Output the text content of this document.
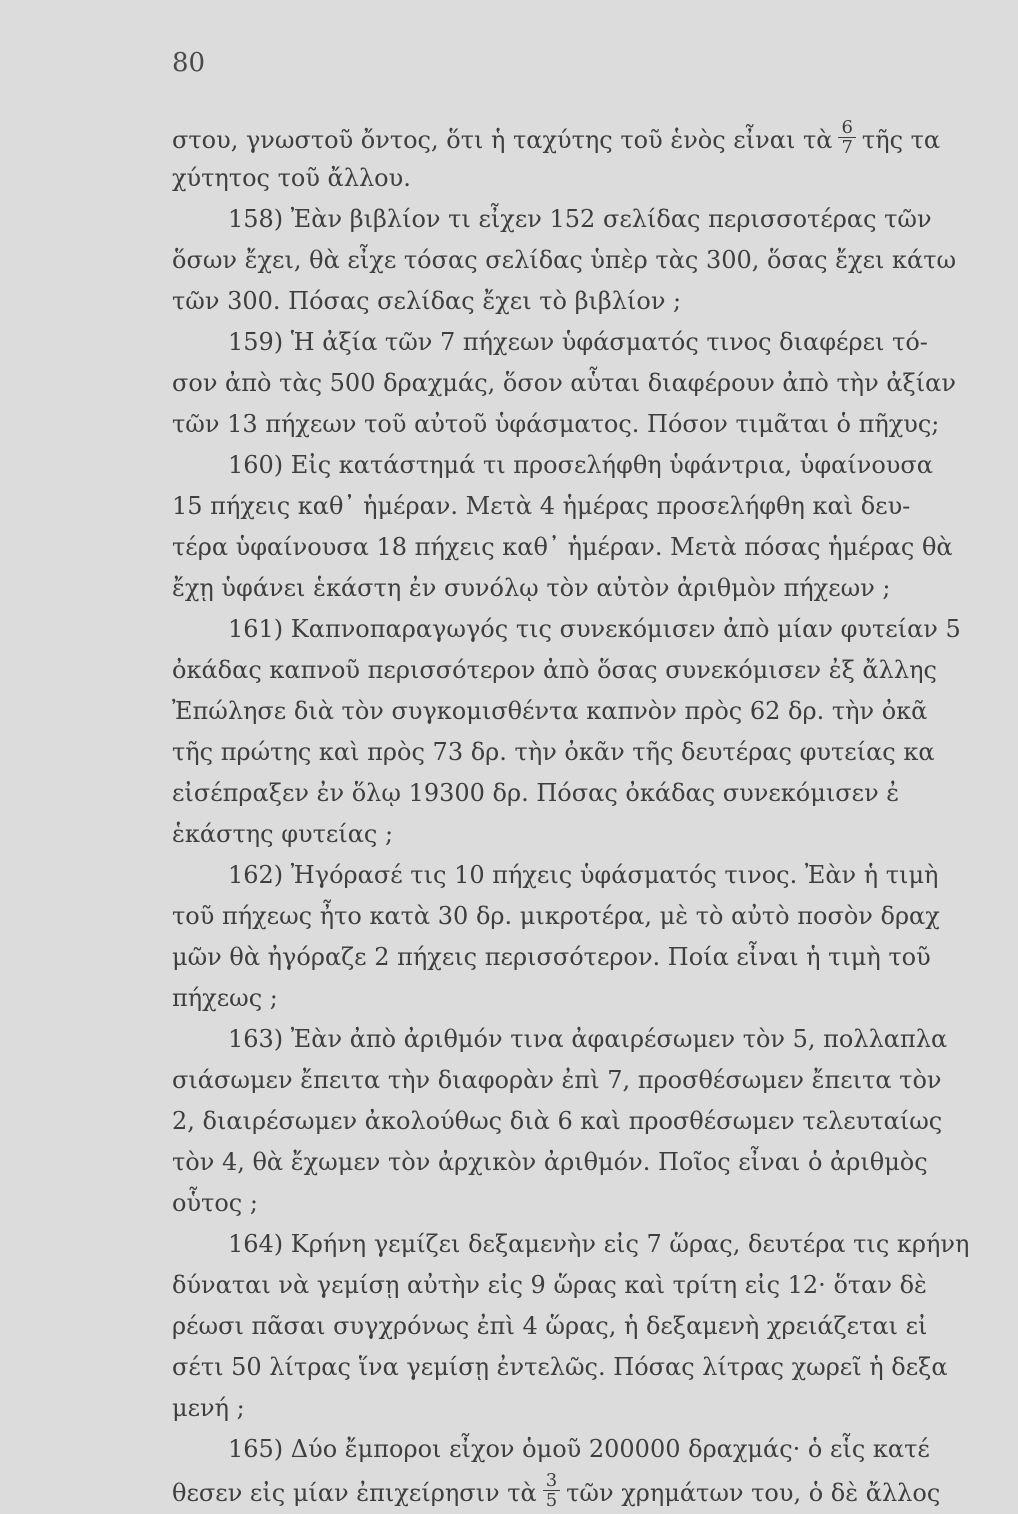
80
στου, γνωστοῦ ὄντος, ὅτι ἡ ταχύτης τοῦ ἑνὸς εἶναι τὰ $\frac{6}{7}$ τῆς τα
χύτητος τοῦ ἄλλου.
158) Ἐὰν βιβλίον τι εἶχεν 152 σελίδας περισσοτέρας τῶν
ὅσων ἔχει, θὰ εἶχε τόσας σελίδας ὑπὲρ τὰς 300, ὅσας ἔχει κάτω
τῶν 300. Πόσας σελίδας ἔχει τὸ βιβλίον ;
159) Ἡ ἀξία τῶν 7 πήχεων ὑφάσματός τινος διαφέρει τό-
σον ἀπὸ τὰς 500 δραχμάς, ὅσον αὗται διαφέρουν ἀπὸ τὴν ἀξίαν
τῶν 13 πήχεων τοῦ αὐτοῦ ὑφάσματος. Πόσον τιμᾶται ὁ πῆχυς;
160) Εἰς κατάστημά τι προσελήφθη ὑφάντρια, ὑφαίνουσα
15 πήχεις καθ᾽ ἡμέραν. Μετὰ 4 ἡμέρας προσελήφθη καὶ δευ-
τέρα ὑφαίνουσα 18 πήχεις καθ᾽ ἡμέραν. Μετὰ πόσας ἡμέρας θὰ
ἔχῃ ὑφάνει ἑκάστη ἐν συνόλῳ τὸν αὐτὸν ἀριθμὸν πήχεων ;
161) Καπνοπαραγωγός τις συνεκόμισεν ἀπὸ μίαν φυτείαν 5
ὀκάδας καπνοῦ περισσότερον ἀπὸ ὅσας συνεκόμισεν ἐξ ἄλλης
Ἐπώλησε διὰ τὸν συγκομισθέντα καπνὸν πρὸς 62 δρ. τὴν ὀκᾶ
τῆς πρώτης καὶ πρὸς 73 δρ. τὴν ὀκᾶν τῆς δευτέρας φυτείας κα
εἰσέπραξεν ἐν ὅλῳ 19300 δρ. Πόσας ὀκάδας συνεκόμισεν ἐ
ἑκάστης φυτείας ;
162) Ἠγόρασέ τις 10 πήχεις ὑφάσματός τινος. Ἐὰν ἡ τιμὴ
τοῦ πήχεως ἦτο κατὰ 30 δρ. μικροτέρα, μὲ τὸ αὐτὸ ποσὸν δραχ
μῶν θὰ ἠγόραζε 2 πήχεις περισσότερον. Ποία εἶναι ἡ τιμὴ τοῦ
πήχεως ;
163) Ἐὰν ἀπὸ ἀριθμόν τινα ἀφαιρέσωμεν τὸν 5, πολλαπλα
σιάσωμεν ἔπειτα τὴν διαφορὰν ἐπὶ 7, προσθέσωμεν ἔπειτα τὸν
2, διαιρέσωμεν ἀκολούθως διὰ 6 καὶ προσθέσωμεν τελευταίως
τὸν 4, θὰ ἔχωμεν τὸν ἀρχικὸν ἀριθμόν. Ποῖος εἶναι ὁ ἀριθμὸς
οὗτος ;
164) Κρήνη γεμίζει δεξαμενὴν εἰς 7 ὥρας, δευτέρα τις κρήνη
δύναται νὰ γεμίσῃ αὐτὴν εἰς 9 ὥρας καὶ τρίτη εἰς 12· ὅταν δὲ
ρέωσι πᾶσαι συγχρόνως ἐπὶ 4 ὥρας, ἡ δεξαμενὴ χρειάζεται εἰ
σέτι 50 λίτρας ἵνα γεμίσῃ ἐντελῶς. Πόσας λίτρας χωρεῖ ἡ δεξα
μενή ;
165) Δύο ἔμποροι εἶχον ὁμοῦ 200000 δραχμάς· ὁ εἷς κατέ
θεσεν εἰς μίαν ἐπιχείρησιν τὰ $\frac{3}{5}$ τῶν χρημάτων του, ὁ δὲ ἄλλος
